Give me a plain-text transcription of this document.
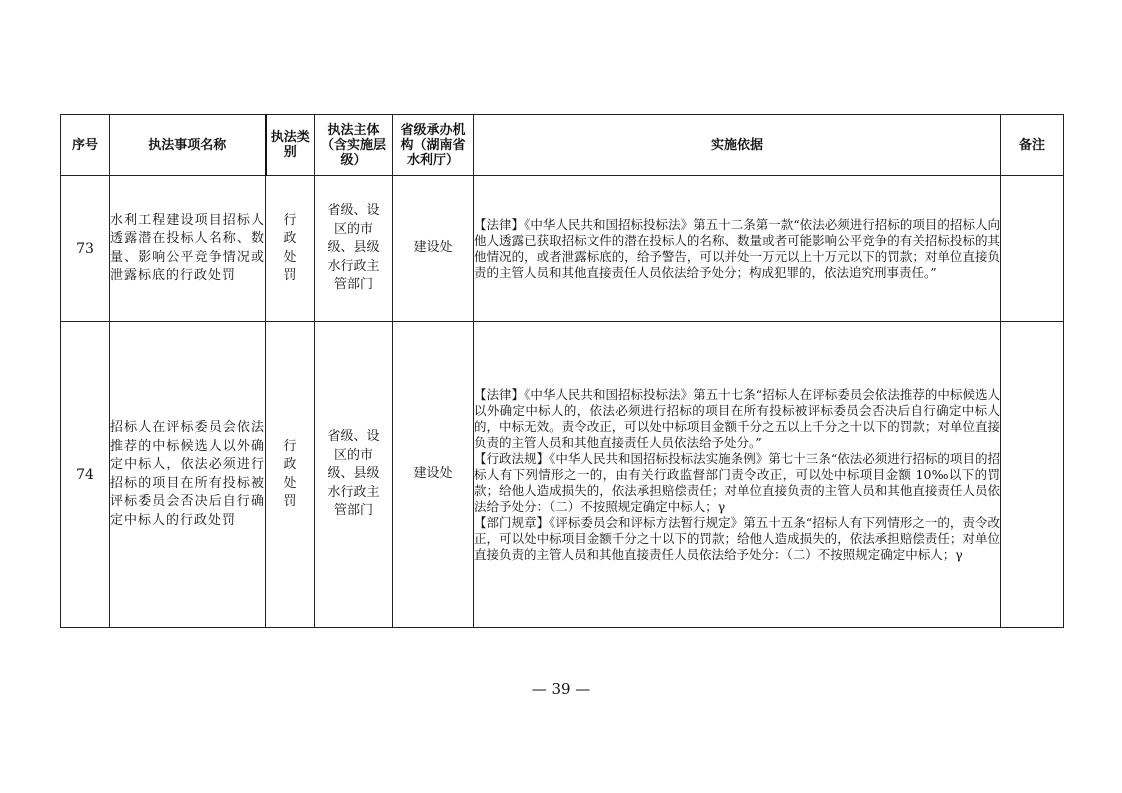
序号	执法事项名称	执法类别	执法主体（含实施层级）	省级承办机构（湖南省水利厅）	实施依据	备注
73	水利工程建设项目招标人透露潜在投标人名称、数量、影响公平竞争情况或泄露标底的行政处罚	行政处罚	省级、设区的市级、县级水行政主管部门	建设处	【法律】《中华人民共和国招标投标法》第五十二条第一款“依法必须进行招标的项目的招标人向他人透露已获取招标文件的潜在投标人的名称、数量或者可能影响公平竞争的有关招标投标的其他情况的，或者泄露标底的，给予警告，可以并处一万元以上十万元以下的罚款；对单位直接负责的主管人员和其他直接责任人员依法给予处分；构成犯罪的，依法追究刑事责任。”	

74	招标人在评标委员会依法推荐的中标候选人以外确定中标人，依法必须进行招标的项目在所有投标被评标委员会否决后自行确定中标人的行政处罚	行政处罚	省级、设区的市级、县级水行政主管部门	建设处	【法律】《中华人民共和国招标投标法》第五十七条“招标人在评标委员会依法推荐的中标候选人以外确定中标人的，依法必须进行招标的项目在所有投标被评标委员会否决后自行确定中标人的，中标无效。责令改正，可以处中标项目金额千分之五以上千分之十以下的罚款；对单位直接负责的主管人员和其他直接责任人员依法给予处分。”

【行政法规】《中华人民共和国招标投标法实施条例》第七十三条“依法必须进行招标的项目的招标人有下列情形之一的，由有关行政监督部门责令改正，可以处中标项目金额 10‰以下的罚款；给他人造成损失的，依法承担赔偿责任；对单位直接负责的主管人员和其他直接责任人员依法给予处分：（二）不按照规定确定中标人；γ

【部门规章】《评标委员会和评标方法暂行规定》第五十五条“招标人有下列情形之一的，责令改正，可以处中标项目金额千分之十以下的罚款；给他人造成损失的，依法承担赔偿责任；对单位直接负责的主管人员和其他直接责任人员依法给予处分：（二）不按照规定确定中标人；γ	

— 39 —
